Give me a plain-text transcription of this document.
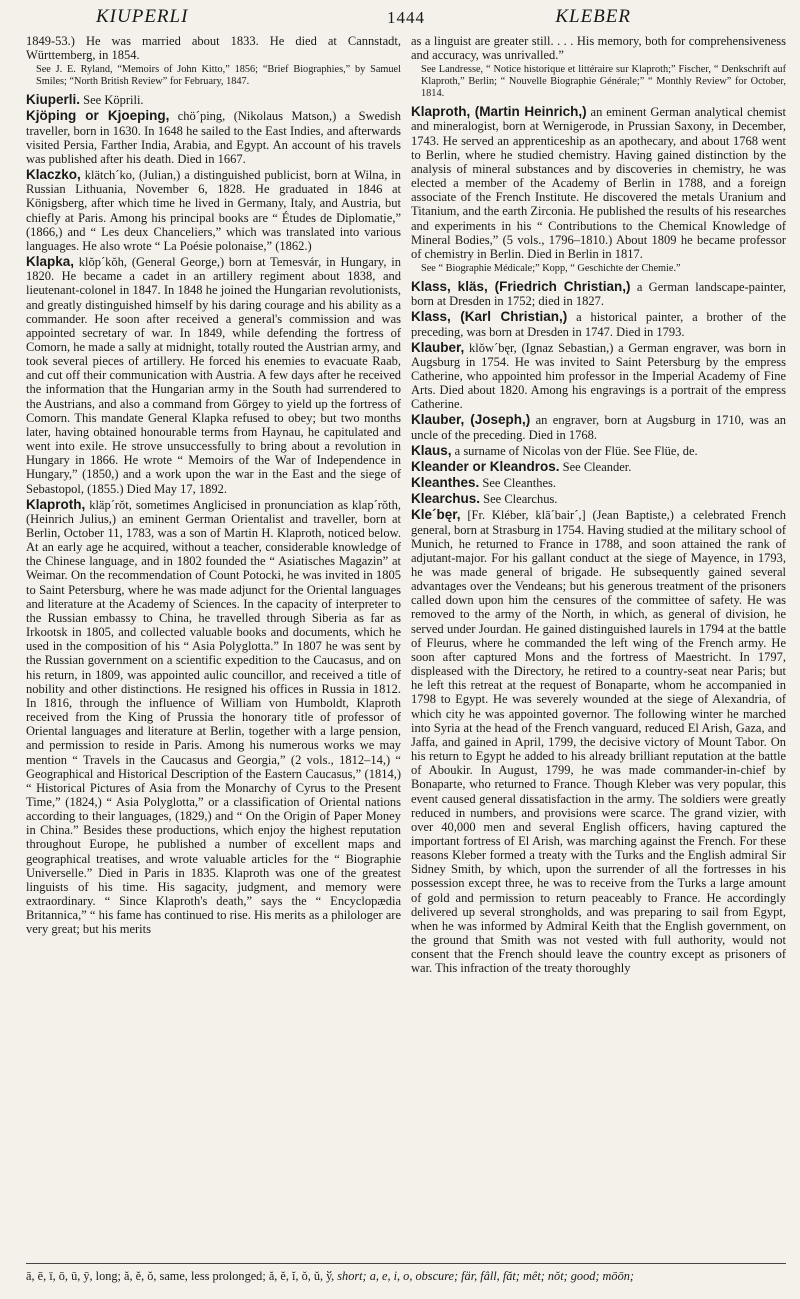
KIUPERLI	1444	KLEBER

1849-53.) He was married about 1833. He died at Cannstadt, Württemberg, in 1854.

See J. E. Ryland, “Memoirs of John Kitto,” 1856; “Brief Biographies,” by Samuel Smiles; “North British Review” for February, 1847.

Kiuperli. See Köprili.

Kjöping or Kjoeping, chö´ping, (Nikolaus Matson,) a Swedish traveller, born in 1630. In 1648 he sailed to the East Indies, and afterwards visited Persia, Farther India, Arabia, and Egypt. An account of his travels was published after his death. Died in 1667.

Klaczko, klätch´ko, (Julian,) a distinguished publicist, born at Wilna, in Russian Lithuania, November 6, 1828. He graduated in 1846 at Königsberg, after which time he lived in Germany, Italy, and Austria, but chiefly at Paris. Among his principal books are “ Études de Diplomatie,” (1866,) and “ Les deux Chanceliers,” which was translated into various languages. He also wrote “ La Poésie polonaise,” (1862.)

Klapka, klŏp´kŏh, (General George,) born at Temesvár, in Hungary, in 1820. He became a cadet in an artillery regiment about 1838, and lieutenant-colonel in 1847. In 1848 he joined the Hungarian revolutionists, and greatly distinguished himself by his daring courage and his ability as a commander. He soon after received a general's commission and was appointed secretary of war. In 1849, while defending the fortress of Comorn, he made a sally at midnight, totally routed the Austrian army, and took several pieces of artillery. He forced his enemies to evacuate Raab, and cut off their communication with Austria. A few days after he received the information that the Hungarian army in the South had surrendered to the Austrians, and also a command from Görgey to yield up the fortress of Comorn. This mandate General Klapka refused to obey; but two months later, having obtained honourable terms from Haynau, he capitulated and went into exile. He strove unsuccessfully to bring about a revolution in Hungary in 1866. He wrote “ Memoirs of the War of Independence in Hungary,” (1850,) and a work upon the war in the East and the siege of Sebastopol, (1855.) Died May 17, 1892.

Klaproth, kläp´rŏt, sometimes Anglicised in pronunciation as klap´rŏth, (Heinrich Julius,) an eminent German Orientalist and traveller, born at Berlin, October 11, 1783, was a son of Martin H. Klaproth, noticed below. At an early age he acquired, without a teacher, considerable knowledge of the Chinese language, and in 1802 founded the “ Asiatisches Magazin” at Weimar. On the recommendation of Count Potocki, he was invited in 1805 to Saint Petersburg, where he was made adjunct for the Oriental languages and literature at the Academy of Sciences. In the capacity of interpreter to the Russian embassy to China, he travelled through Siberia as far as Irkootsk in 1805, and collected valuable books and documents, which he used in the composition of his “ Asia Polyglotta.” In 1807 he was sent by the Russian government on a scientific expedition to the Caucasus, and on his return, in 1809, was appointed aulic councillor, and received a title of nobility and other distinctions. He resigned his offices in Russia in 1812. In 1816, through the influence of William von Humboldt, Klaproth received from the King of Prussia the honorary title of professor of Oriental languages and literature at Berlin, together with a large pension, and permission to reside in Paris. Among his numerous works we may mention “ Travels in the Caucasus and Georgia,” (2 vols., 1812–14,) “ Geographical and Historical Description of the Eastern Caucasus,” (1814,) “ Historical Pictures of Asia from the Monarchy of Cyrus to the Present Time,” (1824,) “ Asia Polyglotta,” or a classification of Oriental nations according to their languages, (1829,) and “ On the Origin of Paper Money in China.” Besides these productions, which enjoy the highest reputation throughout Europe, he published a number of excellent maps and geographical treatises, and wrote valuable articles for the “ Biographie Universelle.” Died in Paris in 1835. Klaproth was one of the greatest linguists of his time. His sagacity, judgment, and memory were extraordinary. “ Since Klaproth's death,” says the “ Encyclopædia Britannica,” “ his fame has continued to rise. His merits as a philologer are very great; but his merits

as a linguist are greater still. . . . His memory, both for comprehensiveness and accuracy, was unrivalled.”

See Landresse, “ Notice historique et littéraire sur Klaproth;” Fischer, “ Denkschrift auf Klaproth,” Berlin; “ Nouvelle Biographie Générale;” “ Monthly Review” for October, 1814.

Klaproth, (Martin Heinrich,) an eminent German analytical chemist and mineralogist, born at Wernigerode, in Prussian Saxony, in December, 1743. He served an apprenticeship as an apothecary, and about 1768 went to Berlin, where he studied chemistry. Having gained distinction by the analysis of mineral substances and by discoveries in chemistry, he was elected a member of the Academy of Berlin in 1788, and a foreign associate of the French Institute. He discovered the metals Uranium and Titanium, and the earth Zirconia. He published the results of his researches and experiments in his “ Contributions to the Chemical Knowledge of Mineral Bodies,” (5 vols., 1796–1810.) About 1809 he became professor of chemistry in Berlin. Died in Berlin in 1817.

See “ Biographie Médicale;” Kopp, “ Geschichte der Chemie.”

Klass, kläs, (Friedrich Christian,) a German landscape-painter, born at Dresden in 1752; died in 1827.

Klass, (Karl Christian,) a historical painter, a brother of the preceding, was born at Dresden in 1747. Died in 1793.

Klauber, klŏw´bęr, (Ignaz Sebastian,) a German engraver, was born in Augsburg in 1754. He was invited to Saint Petersburg by the empress Catherine, who appointed him professor in the Imperial Academy of Fine Arts. Died about 1820. Among his engravings is a portrait of the empress Catherine.

Klauber, (Joseph,) an engraver, born at Augsburg in 1710, was an uncle of the preceding. Died in 1768.

Klaus, a surname of Nicolas von der Flüe. See Flüe, de.

Kleander or Kleandros. See Cleander.

Kleanthes. See Cleanthes.

Klearchus. See Clearchus.

Kle´bęr, [Fr. Kléber, klā´bair´,] (Jean Baptiste,) a celebrated French general, born at Strasburg in 1754. Having studied at the military school of Munich, he returned to France in 1788, and soon attained the rank of adjutant-major. For his gallant conduct at the siege of Mayence, in 1793, he was made general of brigade. He subsequently gained several advantages over the Vendeans; but his generous treatment of the prisoners called down upon him the censures of the committee of safety. He was removed to the army of the North, in which, as general of division, he served under Jourdan. He gained distinguished laurels in 1794 at the battle of Fleurus, where he commanded the left wing of the French army. He soon after captured Mons and the fortress of Maestricht. In 1797, displeased with the Directory, he retired to a country-seat near Paris; but he left this retreat at the request of Bonaparte, whom he accompanied in 1798 to Egypt. He was severely wounded at the siege of Alexandria, of which city he was appointed governor. The following winter he marched into Syria at the head of the French vanguard, reduced El Arish, Gaza, and Jaffa, and gained in April, 1799, the decisive victory of Mount Tabor. On his return to Egypt he added to his already brilliant reputation at the battle of Aboukir. In August, 1799, he was made commander-in-chief by Bonaparte, who returned to France. Though Kleber was very popular, this event caused general dissatisfaction in the army. The soldiers were greatly reduced in numbers, and provisions were scarce. The grand vizier, with over 40,000 men and several English officers, having captured the important fortress of El Arish, was marching against the French. For these reasons Kleber formed a treaty with the Turks and the English admiral Sir Sidney Smith, by which, upon the surrender of all the fortresses in his possession except three, he was to receive from the Turks a large amount of gold and permission to return peaceably to France. He accordingly delivered up several strongholds, and was preparing to sail from Egypt, when he was informed by Admiral Keith that the English government, on the ground that Smith was not vested with full authority, would not consent that the French should leave the country except as prisoners of war. This infraction of the treaty thoroughly

ā, ē, ī, ō, ū, ȳ, long; ă, ĕ, ŏ, same, less prolonged; ă, ĕ, ĭ, ŏ, ŭ, ў, short; a, e, i, o, obscure; fär, fâll, făt; mêt; nŏt; good; mōōn;
